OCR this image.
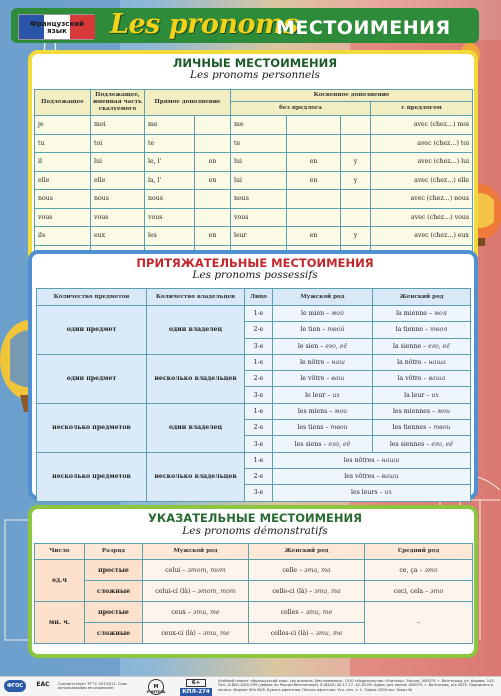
Французский язык	Les pronoms
МЕСТОИМЕНИЯ
ЛИЧНЫЕ МЕСТОИМЕНИЯ
Les pronoms personnels
Подлежащее	Подлежащее, именная часть сказуемого	Прямое дополнение		Косвенное дополнение			
				без предлога			с предлогом
je	moi	me		me			avec (chez…) moi
tu	toi	te		te			avec (chez…) toi
il	lui	le, l'	en	lui	en	y	avec (chez…) lui
elle	elle	la, l'	en	lui	en	y	avec (chez…) elle
nous	nous	nous		nous			avec (chez…) nous
vous	vous	vous		vous			avec (chez…) vous
ils	eux	les	en	leur	en	y	avec (chez…) eux

ПРИТЯЖАТЕЛЬНЫЕ МЕСТОИМЕНИЯ
Les pronoms possessifs
Количество предметов	Количество владельцев	Лицо	Мужской род	Женский род
один предмет	один владелец	1-е	le mien – мой	la mienne – моя
		2-е	le tien – твой	la tienne – твоя
		3-е	le sien – его, её	la sienne – его, её
один предмет	несколько владельцев	1-е	le nôtre – наш	la nôtre – наша
		2-е	le vôtre – ваш	la vôtre – ваша
		3-е	le leur – их	la leur – их
несколько предметов	один владелец	1-е	les miens – мои	les miennes – мои
		2-е	les tiens – твои	les tiennes – твои
		3-е	les siens – его, её	les siennes – его, её
несколько предметов	несколько владельцев	1-е	les nôtres – наши	
		2-е	les vôtres – ваши	
		3-е	les leurs – их	
УКАЗАТЕЛЬНЫЕ МЕСТОИМЕНИЯ
Les pronoms démonstratifs
Число	Разряд	Мужской род	Женский род	Средний род
ед.ч	простые	celui – этот, тот	celle – эта, та	ce, ça – это
	сложные	celui-ci (là) – этот, тот	celle-ci (là) – эта, та	ceci, cela – это
мн. ч.	простые	ceux – эти, те	celles – эти, те	–
	сложные	ceux-ci (là) – эти, те	celles-ci (là) – эти, те	
ФГОС	EAC	Соответствует ТР ТС 007/2011. Срок использования не ограничен.	M
УЧИТЕЛЬ
6+
КПЛ-274
Учебный плакат «Французский язык. Les pronoms. Местоимения». ООО «Издательство «Учитель». Россия, 400079, г. Волгоград, ул. Кирова, 143. Тел.: 8-800-1000-299 (звонок по России бесплатный). 8 (8442) 42-17-17, 42-35-09. Адрес для писем: 400079, г. Волгоград, а/я 4025. Подписано в печать. Формат 60×90/8. Бумага офсетная. Печать офсетная. Усл. печ. л. 1. Тираж 1000 экз. Заказ №
